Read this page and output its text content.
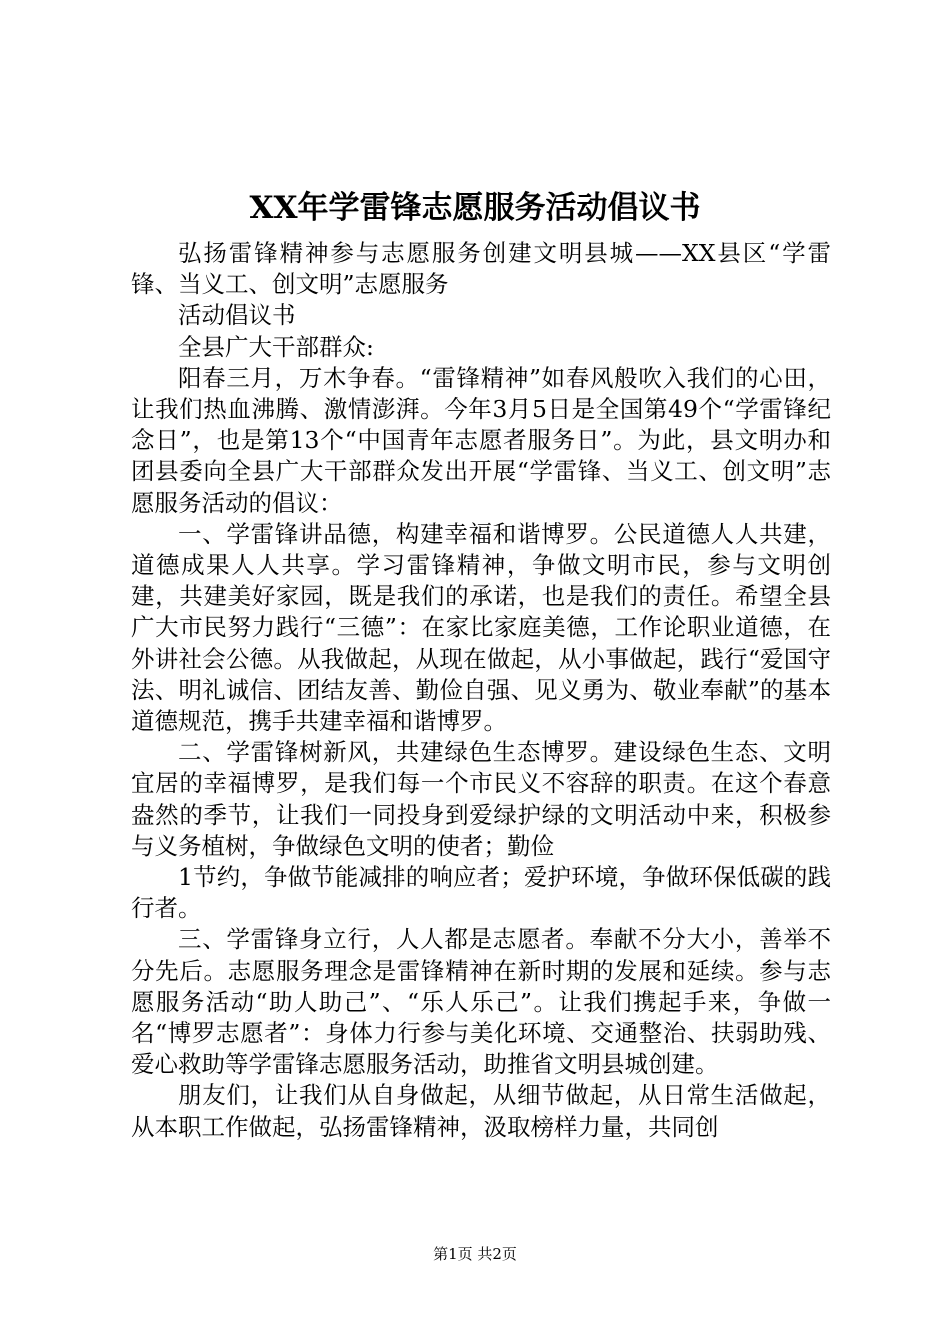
XX年学雷锋志愿服务活动倡议书

弘扬雷锋精神参与志愿服务创建文明县城——XX县区“学雷锋、当义工、创文明”志愿服务

活动倡议书

全县广大干部群众:

阳春三月，万木争春。“雷锋精神”如春风般吹入我们的心田，让我们热血沸腾、激情澎湃。今年3月5日是全国第49个“学雷锋纪念日”，也是第13个“中国青年志愿者服务日”。为此，县文明办和团县委向全县广大干部群众发出开展“学雷锋、当义工、创文明”志愿服务活动的倡议：

一、学雷锋讲品德，构建幸福和谐博罗。公民道德人人共建，道德成果人人共享。学习雷锋精神，争做文明市民，参与文明创建，共建美好家园，既是我们的承诺，也是我们的责任。希望全县广大市民努力践行“三德”：在家比家庭美德，工作论职业道德，在外讲社会公德。从我做起，从现在做起，从小事做起，践行“爱国守法、明礼诚信、团结友善、勤俭自强、见义勇为、敬业奉献”的基本道德规范，携手共建幸福和谐博罗。

二、学雷锋树新风，共建绿色生态博罗。建设绿色生态、文明宜居的幸福博罗，是我们每一个市民义不容辞的职责。在这个春意盎然的季节，让我们一同投身到爱绿护绿的文明活动中来，积极参与义务植树，争做绿色文明的使者；勤俭

1节约，争做节能减排的响应者；爱护环境，争做环保低碳的践行者。

三、学雷锋身立行，人人都是志愿者。奉献不分大小，善举不分先后。志愿服务理念是雷锋精神在新时期的发展和延续。参与志愿服务活动“助人助己”、“乐人乐己”。让我们携起手来，争做一名“博罗志愿者”：身体力行参与美化环境、交通整治、扶弱助残、爱心救助等学雷锋志愿服务活动，助推省文明县城创建。

朋友们，让我们从自身做起，从细节做起，从日常生活做起，从本职工作做起，弘扬雷锋精神，汲取榜样力量，共同创

第1页 共2页
